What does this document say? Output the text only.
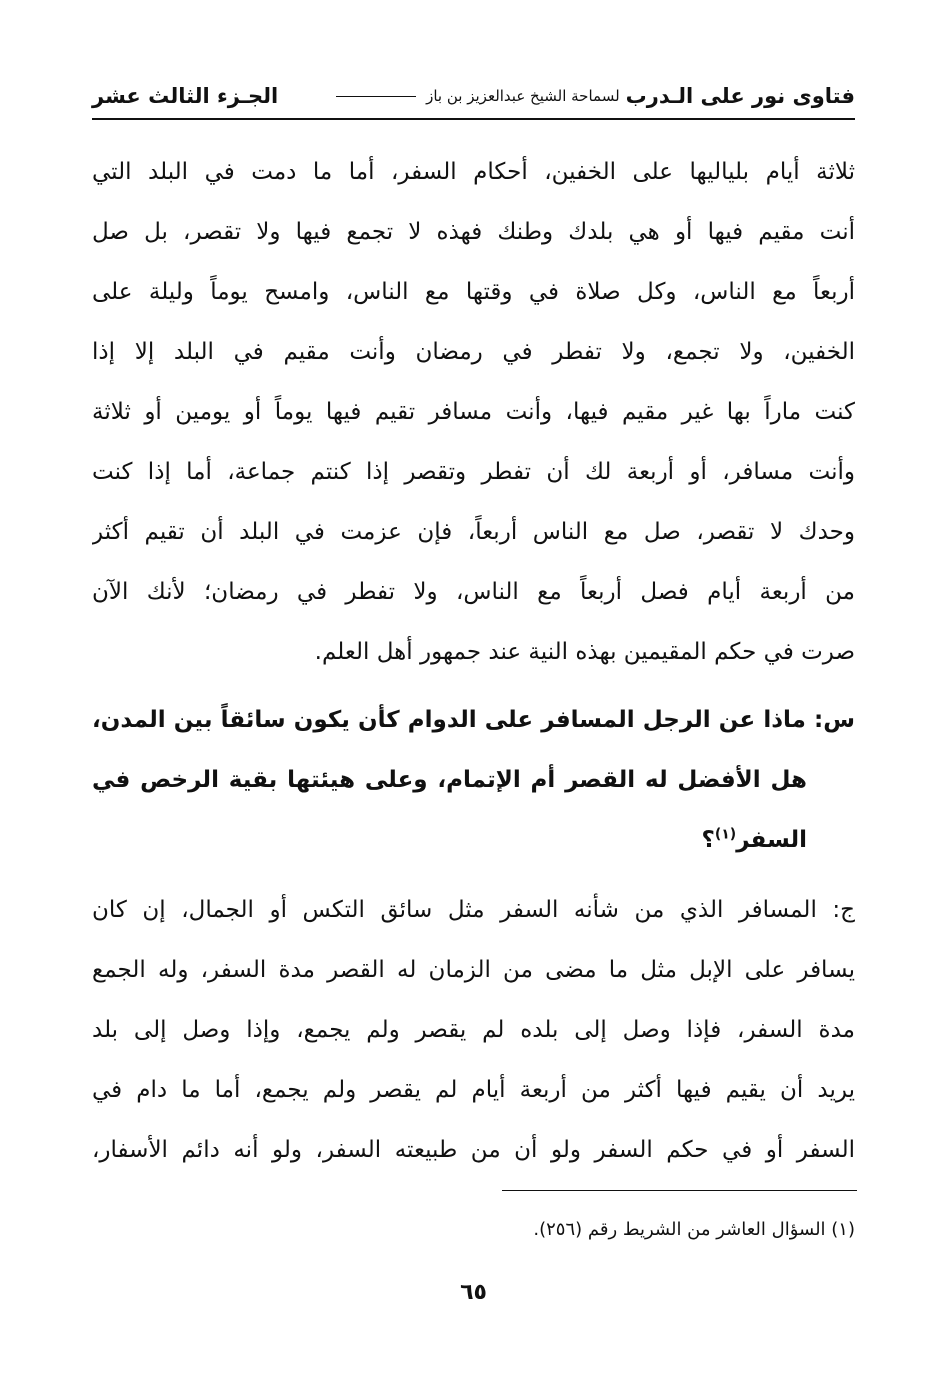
فتاوى نور على الـدرب
لسماحة الشيخ عبدالعزيز بن باز
الجـزء الثالث عشر
ثلاثة أيام بلياليها على الخفين، أحكام السفر، أما ما دمت في البلد التي
أنت مقيم فيها أو هي بلدك وطنك فهذه لا تجمع فيها ولا تقصر، بل صل
أربعاً مع الناس، وكل صلاة في وقتها مع الناس، وامسح يوماً وليلة على
الخفين، ولا تجمع، ولا تفطر في رمضان وأنت مقيم في البلد إلا إذا
كنت ماراً بها غير مقيم فيها، وأنت مسافر تقيم فيها يوماً أو يومين أو ثلاثة
وأنت مسافر، أو أربعة لك أن تفطر وتقصر إذا كنتم جماعة، أما إذا كنت
وحدك لا تقصر، صل مع الناس أربعاً، فإن عزمت في البلد أن تقيم أكثر
من أربعة أيام فصل أربعاً مع الناس، ولا تفطر في رمضان؛ لأنك الآن
صرت في حكم المقيمين بهذه النية عند جمهور أهل العلم.
س: ماذا عن الرجل المسافر على الدوام كأن يكون سائقاً بين المدن،
هل الأفضل له القصر أم الإتمام، وعلى هيئتها بقية الرخص في
السفر$^{(١)}$؟
ج: المسافر الذي من شأنه السفر مثل سائق التكس أو الجمال، إن كان
يسافر على الإبل مثل ما مضى من الزمان له القصر مدة السفر، وله الجمع
مدة السفر، فإذا وصل إلى بلده لم يقصر ولم يجمع، وإذا وصل إلى بلد
يريد أن يقيم فيها أكثر من أربعة أيام لم يقصر ولم يجمع، أما ما دام في
السفر أو في حكم السفر ولو أن من طبيعته السفر، ولو أنه دائم الأسفار،
(١) السؤال العاشر من الشريط رقم (٢٥٦).
٦٥
